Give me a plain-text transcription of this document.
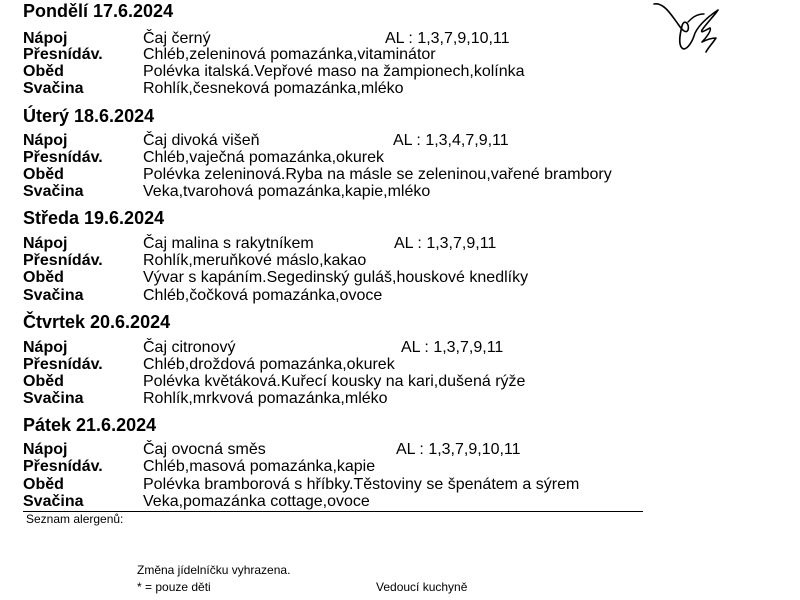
Pondělí 17.6.2024
Nápoj	Čaj černý	AL : 1,3,7,9,10,11
Přesnídáv.	Chléb,zeleninová pomazánka,vitaminátor
Oběd	Polévka italská.Vepřové maso na žampionech,kolínka
Svačina	Rohlík,česneková pomazánka,mléko
Úterý 18.6.2024
Nápoj	Čaj divoká višeň	AL : 1,3,4,7,9,11
Přesnídáv.	Chléb,vaječná pomazánka,okurek
Oběd	Polévka zeleninová.Ryba na másle se zeleninou,vařené brambory
Svačina	Veka,tvarohová pomazánka,kapie,mléko
Středa 19.6.2024
Nápoj	Čaj malina s rakytníkem	AL : 1,3,7,9,11
Přesnídáv.	Rohlík,meruňkové máslo,kakao
Oběd	Vývar s kapáním.Segedinský guláš,houskové knedlíky
Svačina	Chléb,čočková pomazánka,ovoce
Čtvrtek 20.6.2024
Nápoj	Čaj citronový	AL : 1,3,7,9,11
Přesnídáv.	Chléb,droždová pomazánka,okurek
Oběd	Polévka květáková.Kuřecí kousky na kari,dušená rýže
Svačina	Rohlík,mrkvová pomazánka,mléko
Pátek 21.6.2024
Nápoj	Čaj ovocná směs	AL : 1,3,7,9,10,11
Přesnídáv.	Chléb,masová pomazánka,kapie
Oběd	Polévka bramborová s hříbky.Těstoviny se špenátem a sýrem
Svačina	Veka,pomazánka cottage,ovoce
Seznam alergenů:
Změna jídelníčku vyhrazena.
* = pouze děti	Vedoucí kuchyně
